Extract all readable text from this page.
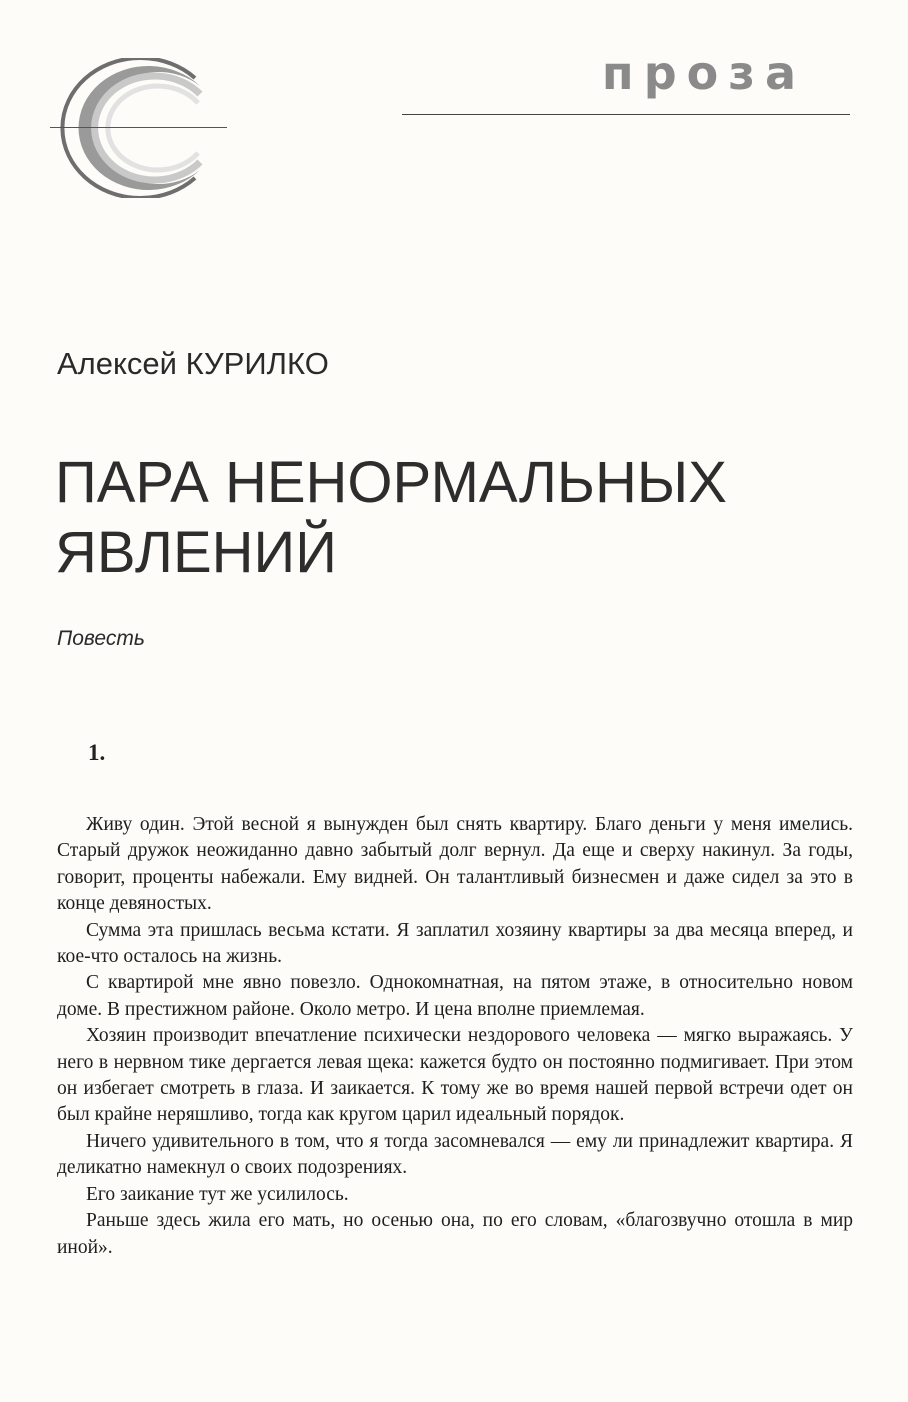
проза
Алексей КУРИЛКО
ПАРА НЕНОРМАЛЬНЫХ
ЯВЛЕНИЙ
Повесть
1.

Живу один. Этой весной я вынужден был снять квартиру. Благо деньги у меня имелись. Старый дружок неожиданно давно забытый долг вернул. Да еще и сверху накинул. За годы, говорит, проценты набежали. Ему видней. Он талантливый бизнесмен и даже сидел за это в конце девяностых.

Сумма эта пришлась весьма кстати. Я заплатил хозяину квартиры за два месяца вперед, и кое-что осталось на жизнь.

С квартирой мне явно повезло. Однокомнатная, на пятом этаже, в относительно новом доме. В престижном районе. Около метро. И цена вполне приемлемая.

Хозяин производит впечатление психически нездорового человека — мягко выражаясь. У него в нервном тике дергается левая щека: кажется будто он постоянно подмигивает. При этом он избегает смотреть в глаза. И заикается. К тому же во время нашей первой встречи одет он был крайне неряшливо, тогда как кругом царил идеальный порядок.

Ничего удивительного в том, что я тогда засомневался — ему ли принадлежит квартира. Я деликатно намекнул о своих подозрениях.

Его заикание тут же усилилось.

Раньше здесь жила его мать, но осенью она, по его словам, «благозвучно отошла в мир иной».
